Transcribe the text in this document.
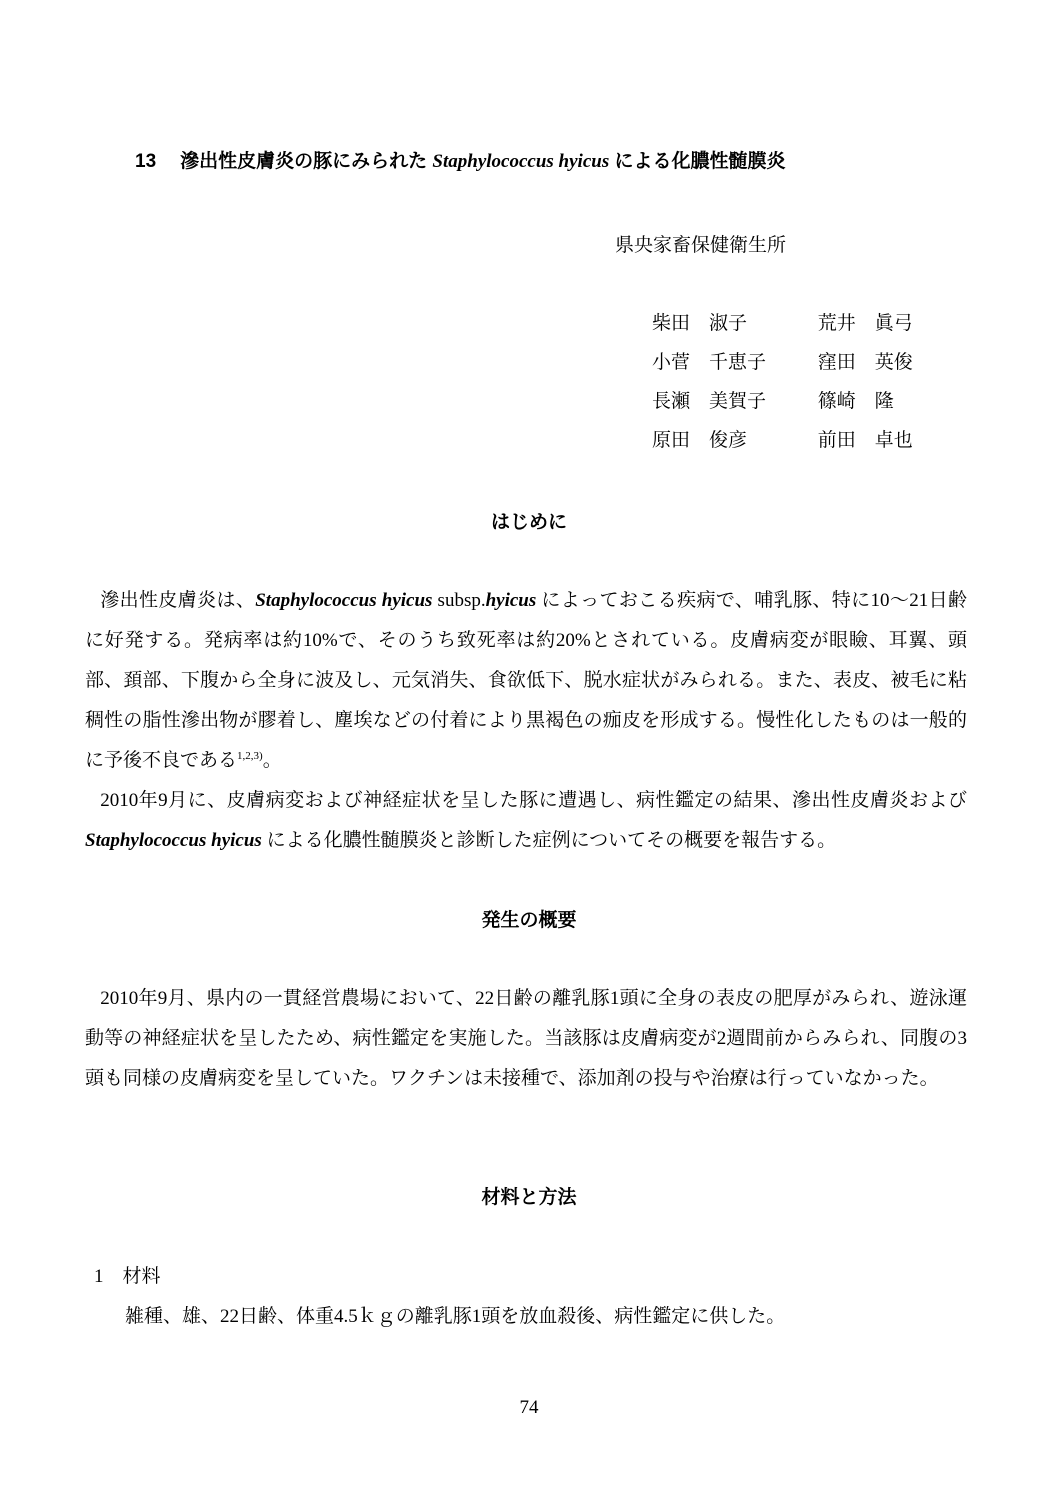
13 滲出性皮膚炎の豚にみられた Staphylococcus hyicus による化膿性髄膜炎
県央家畜保健衛生所
柴田　淑子	荒井　眞弓
小菅　千恵子	窪田　英俊
長瀬　美賀子	篠崎　隆
原田　俊彦	前田　卓也
はじめに

滲出性皮膚炎は、Staphylococcus hyicus subsp.hyicus によっておこる疾病で、哺乳豚、特に10〜21日齢に好発する。発病率は約10%で、そのうち致死率は約20%とされている。皮膚病変が眼瞼、耳翼、頭部、頚部、下腹から全身に波及し、元気消失、食欲低下、脱水症状がみられる。また、表皮、被毛に粘稠性の脂性滲出物が膠着し、塵埃などの付着により黒褐色の痂皮を形成する。慢性化したものは一般的に予後不良である$^{1,2,3)}$。

2010年9月に、皮膚病変および神経症状を呈した豚に遭遇し、病性鑑定の結果、滲出性皮膚炎および Staphylococcus hyicus による化膿性髄膜炎と診断した症例についてその概要を報告する。

発生の概要

2010年9月、県内の一貫経営農場において、22日齢の離乳豚1頭に全身の表皮の肥厚がみられ、遊泳運動等の神経症状を呈したため、病性鑑定を実施した。当該豚は皮膚病変が2週間前からみられ、同腹の3頭も同様の皮膚病変を呈していた。ワクチンは未接種で、添加剤の投与や治療は行っていなかった。

材料と方法
1 材料

雑種、雄、22日齢、体重4.5ｋｇの離乳豚1頭を放血殺後、病性鑑定に供した。

74
